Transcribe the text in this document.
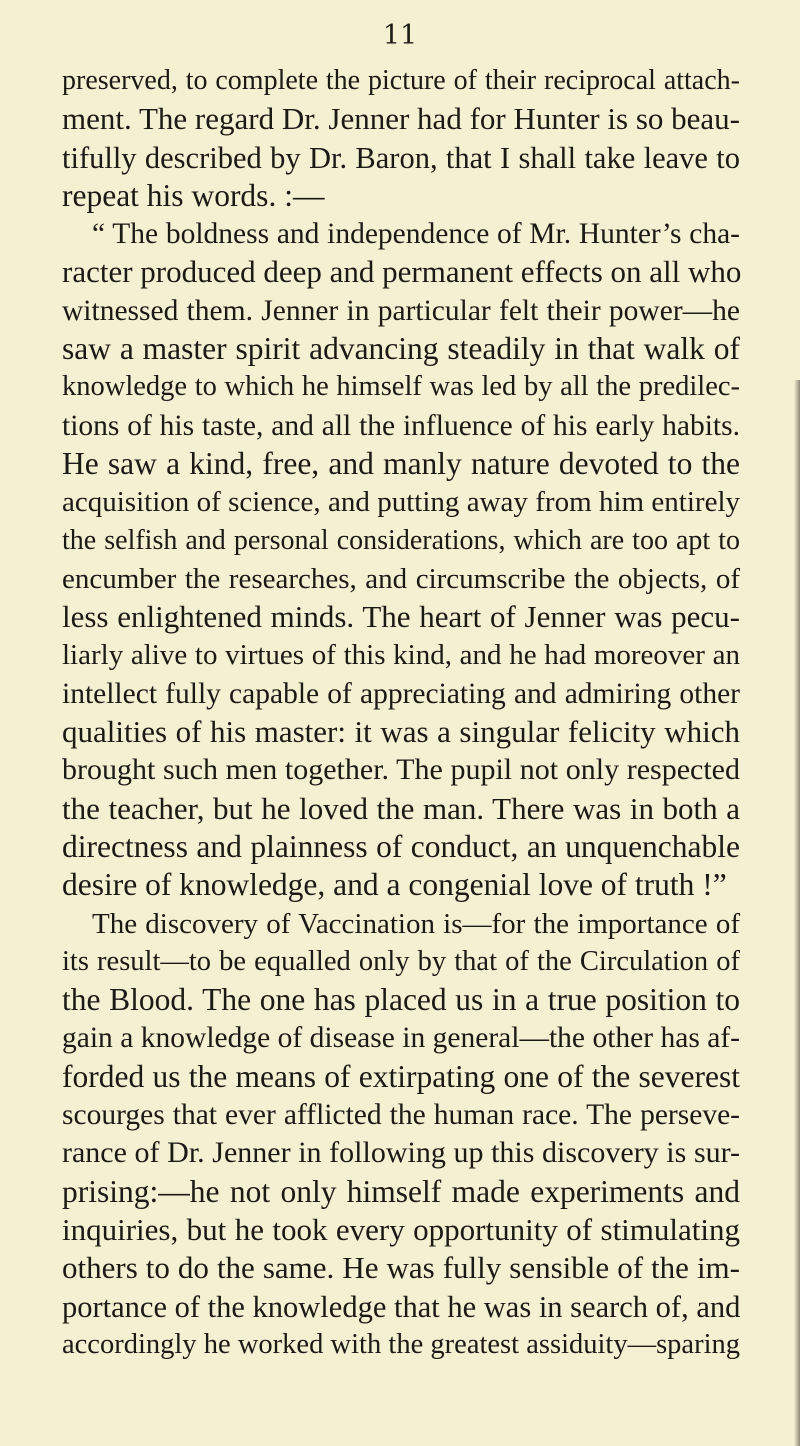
11

preserved, to complete the picture of their reciprocal attach-
ment. The regard Dr. Jenner had for Hunter is so beau-
tifully described by Dr. Baron, that I shall take leave to
repeat his words. :—
“ The boldness and independence of Mr. Hunter’s cha-
racter produced deep and permanent effects on all who
witnessed them. Jenner in particular felt their power—he
saw a master spirit advancing steadily in that walk of
knowledge to which he himself was led by all the predilec-
tions of his taste, and all the influence of his early habits.
He saw a kind, free, and manly nature devoted to the
acquisition of science, and putting away from him entirely
the selfish and personal considerations, which are too apt to
encumber the researches, and circumscribe the objects, of
less enlightened minds. The heart of Jenner was pecu-
liarly alive to virtues of this kind, and he had moreover an
intellect fully capable of appreciating and admiring other
qualities of his master: it was a singular felicity which
brought such men together. The pupil not only respected
the teacher, but he loved the man. There was in both a
directness and plainness of conduct, an unquenchable
desire of knowledge, and a congenial love of truth !”
The discovery of Vaccination is—for the importance of
its result—to be equalled only by that of the Circulation of
the Blood. The one has placed us in a true position to
gain a knowledge of disease in general—the other has af-
forded us the means of extirpating one of the severest
scourges that ever afflicted the human race. The perseve-
rance of Dr. Jenner in following up this discovery is sur-
prising:—he not only himself made experiments and
inquiries, but he took every opportunity of stimulating
others to do the same. He was fully sensible of the im-
portance of the knowledge that he was in search of, and
accordingly he worked with the greatest assiduity—sparing
